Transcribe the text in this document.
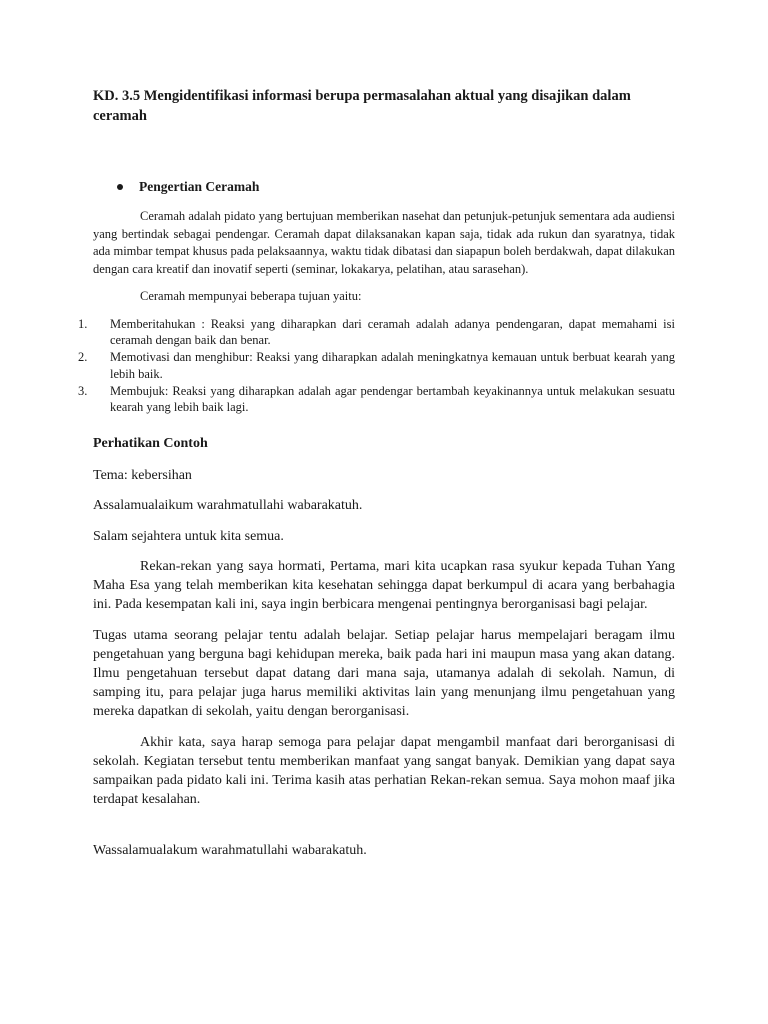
KD. 3.5 Mengidentifikasi informasi berupa permasalahan aktual yang disajikan dalam ceramah

Pengertian Ceramah

Ceramah adalah pidato yang bertujuan memberikan nasehat dan petunjuk-petunjuk sementara ada audiensi yang bertindak sebagai pendengar. Ceramah dapat dilaksanakan kapan saja, tidak ada rukun dan syaratnya, tidak ada mimbar tempat khusus pada pelaksaannya, waktu tidak dibatasi dan siapapun boleh berdakwah, dapat dilakukan dengan cara kreatif dan inovatif seperti (seminar, lokakarya, pelatihan, atau sarasehan).

Ceramah mempunyai beberapa tujuan yaitu:

1. Memberitahukan : Reaksi yang diharapkan dari ceramah adalah adanya pendengaran, dapat memahami isi ceramah dengan baik dan benar.
2. Memotivasi dan menghibur: Reaksi yang diharapkan adalah meningkatnya kemauan untuk berbuat kearah yang lebih baik.
3. Membujuk: Reaksi yang diharapkan adalah agar pendengar bertambah keyakinannya untuk melakukan sesuatu kearah yang lebih baik lagi.
Perhatikan Contoh

Tema: kebersihan

Assalamualaikum warahmatullahi wabarakatuh.

Salam sejahtera untuk kita semua.

Rekan-rekan yang saya hormati, Pertama, mari kita ucapkan rasa syukur kepada Tuhan Yang Maha Esa yang telah memberikan kita kesehatan sehingga dapat berkumpul di acara yang berbahagia ini. Pada kesempatan kali ini, saya ingin berbicara mengenai pentingnya berorganisasi bagi pelajar.

Tugas utama seorang pelajar tentu adalah belajar. Setiap pelajar harus mempelajari beragam ilmu pengetahuan yang berguna bagi kehidupan mereka, baik pada hari ini maupun masa yang akan datang. Ilmu pengetahuan tersebut dapat datang dari mana saja, utamanya adalah di sekolah. Namun, di samping itu, para pelajar juga harus memiliki aktivitas lain yang menunjang ilmu pengetahuan yang mereka dapatkan di sekolah, yaitu dengan berorganisasi.

Akhir kata, saya harap semoga para pelajar dapat mengambil manfaat dari berorganisasi di sekolah. Kegiatan tersebut tentu memberikan manfaat yang sangat banyak. Demikian yang dapat saya sampaikan pada pidato kali ini. Terima kasih atas perhatian Rekan-rekan semua. Saya mohon maaf jika terdapat kesalahan.

Wassalamualakum warahmatullahi wabarakatuh.
